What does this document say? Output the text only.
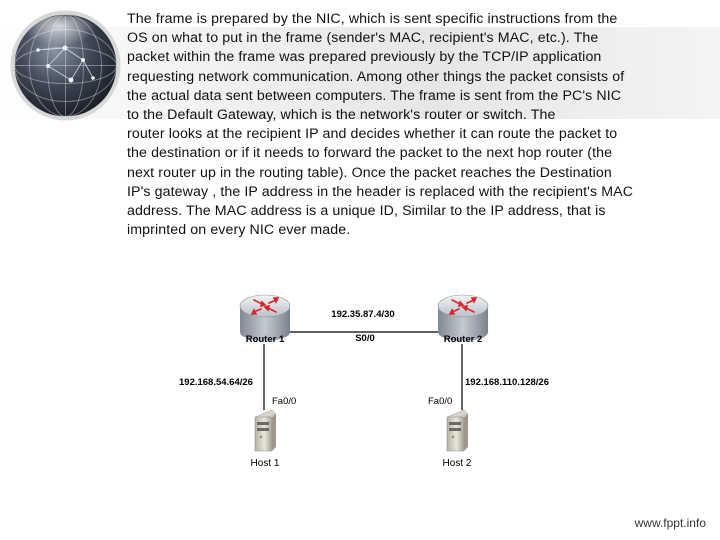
The frame is prepared by the NIC, which is sent specific instructions from the

OS on what to put in the frame (sender's MAC, recipient's MAC, etc.). The

packet within the frame was prepared previously by the TCP/IP application

requesting network communication. Among other things the packet consists of

the actual data sent between computers. The frame is sent from the PC's NIC

to the Default Gateway, which is the network's router or switch. The

router looks at the recipient IP and decides whether it can route the packet to

the destination or if it needs to forward the packet to the next hop router (the

next router up in the routing table). Once the packet reaches the Destination

IP's gateway , the IP address in the header is replaced with the recipient's MAC

address. The MAC address is a unique ID, Similar to the IP address, that is

imprinted on every NIC ever made.

Router 1	Router 2
192.35.87.4/30
S0/0
192.168.54.64/26
Fa0/0
192.168.110.128/26
Fa0/0
Host 1	Host 2
www.fppt.info
